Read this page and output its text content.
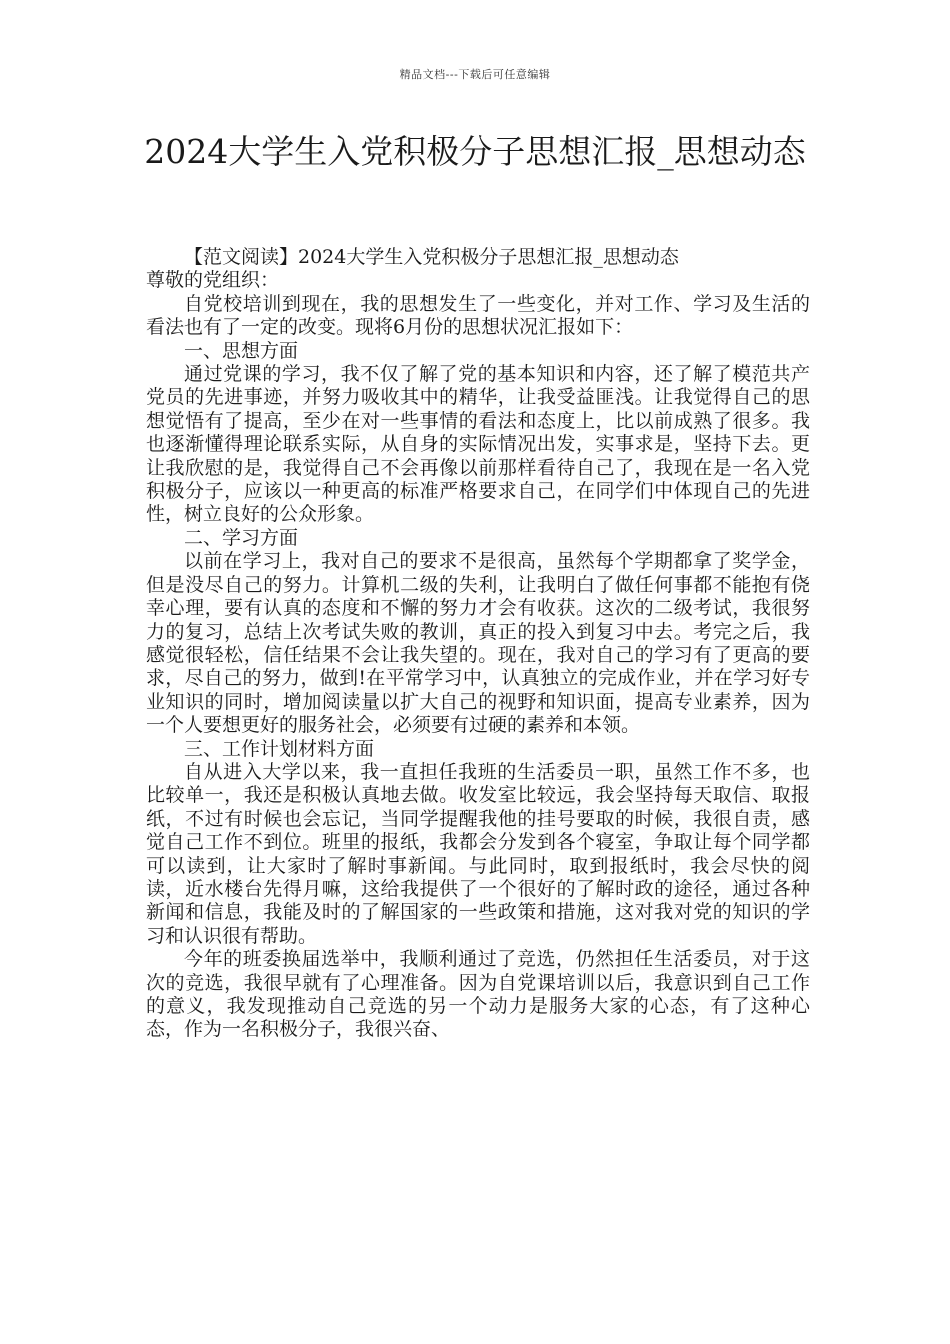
精品文档---下载后可任意编辑
2024大学生入党积极分子思想汇报_思想动态

【范文阅读】2024大学生入党积极分子思想汇报_思想动态

尊敬的党组织：

自党校培训到现在，我的思想发生了一些变化，并对工作、学习及生活的看法也有了一定的改变。现将6月份的思想状况汇报如下：

一、思想方面

通过党课的学习，我不仅了解了党的基本知识和内容，还了解了模范共产党员的先进事迹，并努力吸收其中的精华，让我受益匪浅。让我觉得自己的思想觉悟有了提高，至少在对一些事情的看法和态度上，比以前成熟了很多。我也逐渐懂得理论联系实际，从自身的实际情况出发，实事求是，坚持下去。更让我欣慰的是，我觉得自己不会再像以前那样看待自己了，我现在是一名入党积极分子，应该以一种更高的标准严格要求自己，在同学们中体现自己的先进性，树立良好的公众形象。

二、学习方面

以前在学习上，我对自己的要求不是很高，虽然每个学期都拿了奖学金，但是没尽自己的努力。计算机二级的失利，让我明白了做任何事都不能抱有侥幸心理，要有认真的态度和不懈的努力才会有收获。这次的二级考试，我很努力的复习，总结上次考试失败的教训，真正的投入到复习中去。考完之后，我感觉很轻松，信任结果不会让我失望的。现在，我对自己的学习有了更高的要求，尽自己的努力，做到!在平常学习中，认真独立的完成作业，并在学习好专业知识的同时，增加阅读量以扩大自己的视野和知识面，提高专业素养，因为一个人要想更好的服务社会，必须要有过硬的素养和本领。

三、工作计划材料方面

自从进入大学以来，我一直担任我班的生活委员一职，虽然工作不多，也比较单一，我还是积极认真地去做。收发室比较远，我会坚持每天取信、取报纸，不过有时候也会忘记，当同学提醒我他的挂号要取的时候，我很自责，感觉自己工作不到位。班里的报纸，我都会分发到各个寝室，争取让每个同学都可以读到，让大家时了解时事新闻。与此同时，取到报纸时，我会尽快的阅读，近水楼台先得月嘛，这给我提供了一个很好的了解时政的途径，通过各种新闻和信息，我能及时的了解国家的一些政策和措施，这对我对党的知识的学习和认识很有帮助。

今年的班委换届选举中，我顺利通过了竞选，仍然担任生活委员，对于这次的竞选，我很早就有了心理准备。因为自党课培训以后，我意识到自己工作的意义，我发现推动自己竞选的另一个动力是服务大家的心态，有了这种心态，作为一名积极分子，我很兴奋、
